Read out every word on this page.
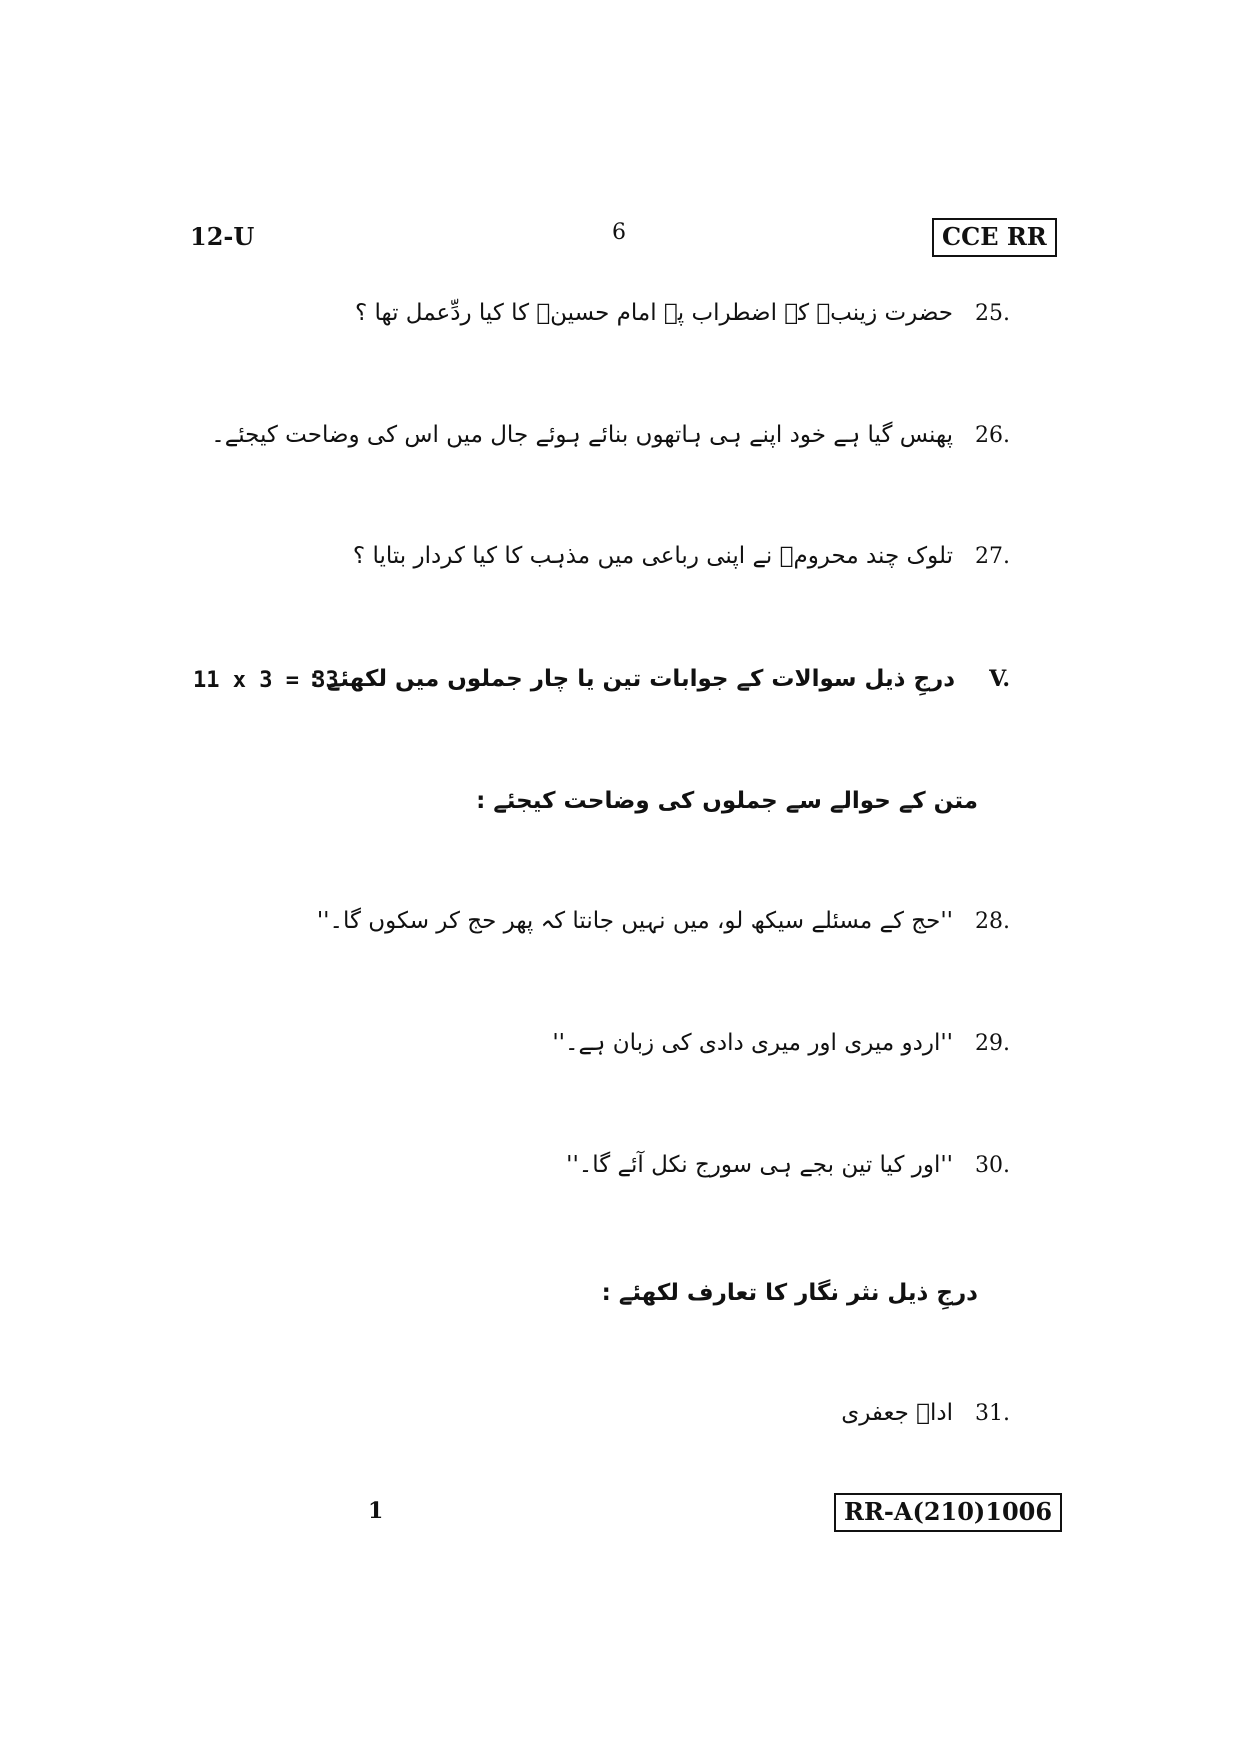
12-U	6	CCE RR
25.حضرت زینبؓ کے اضطراب پہ امام حسینؓ کا کیا ردِّعمل تھا ؟
26.پھنس گیا ہے خود اپنے ہی ہاتھوں بنائے ہوئے جال میں اس کی وضاحت کیجئے۔
27.تلوک چند محرومؔ نے اپنی رباعی میں مذہب کا کیا کردار بتایا ؟
11 x 3 = 33	V.درجِ ذیل سوالات کے جوابات تین یا چار جملوں میں لکھئے :
متن کے حوالے سے جملوں کی وضاحت کیجئے :
28.''حج کے مسئلے سیکھ لو، میں نہیں جانتا کہ پھر حج کر سکوں گا۔''
29.''اردو میری اور میری دادی کی زبان ہے۔''
30.''اور کیا تین بجے ہی سورج نکل آئے گا۔''
درجِ ذیل نثر نگار کا تعارف لکھئے :
31.اداؔ جعفری
1	RR-A(210)1006
